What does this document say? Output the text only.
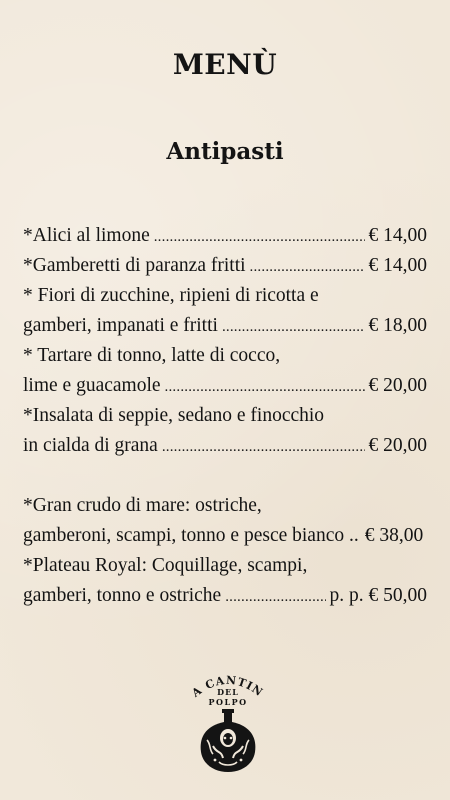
MENÙ
Antipasti
*Alici al limone .....	€ 14,00
*Gamberetti di paranza fritti .....	€ 14,00
* Fiori di zucchine, ripieni di ricotta e
gamberi, impanati e fritti .....	€ 18,00
* Tartare di tonno, latte di cocco,
lime e guacamole .....	€ 20,00
*Insalata di seppie, sedano e finocchio
in cialda di grana .....	€ 20,00
*Gran crudo di mare: ostriche,
gamberoni, scampi, tonno e pesce bianco .. € 38,00
*Plateau Royal: Coquillage, scampi,
gamberi, tonno e ostriche .....	p. p. € 50,00
A CANTIN
DEL
POLPO
